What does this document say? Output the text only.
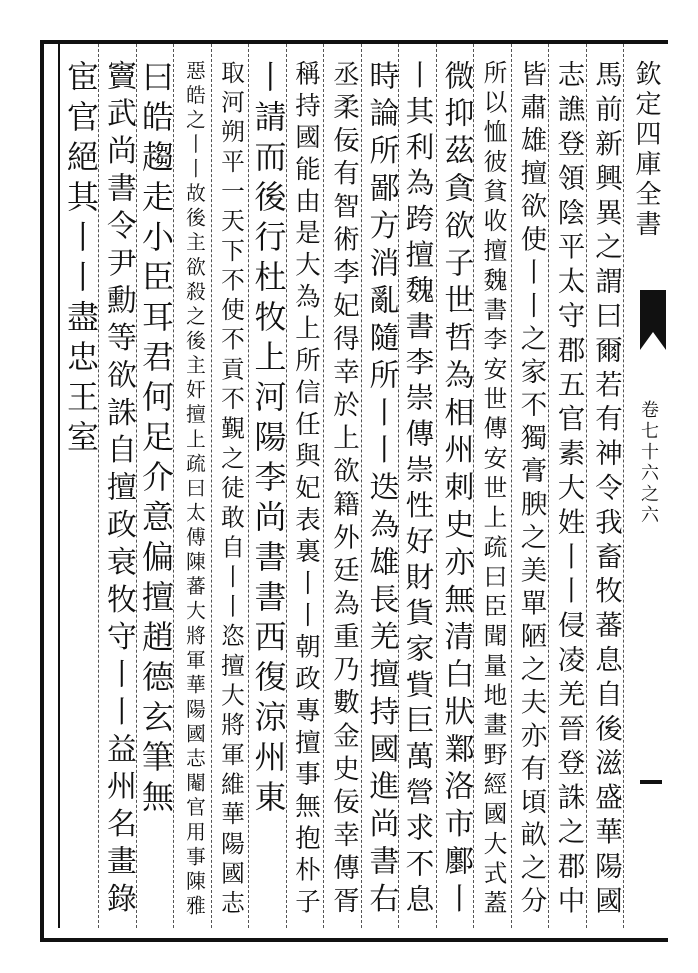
欽定四庫全書
卷七十六之六
馬前新興異之謂曰爾若有神令我畜牧蕃息自後滋盛華陽國
志譙登領陰平太守郡五官素大姓丨丨侵凌羌晉登誅之郡中
皆肅雄擅欲使丨丨之家不獨膏腴之美單陋之夫亦有頃畝之分
所以恤彼貧收擅魏書李安世傳安世上疏曰臣聞量地畫野經國大式蓋
微抑茲貪欲子世哲為相州刺史亦無清白狀鄴洛市鄽丨
丨其利為跨擅魏書李崇傳崇性好財貨家貲巨萬營求不息
時論所鄙方消亂隨所丨丨迭為雄長羌擅持國進尚書右
丞柔佞有智術李妃得幸於上欲籍外廷為重乃數金史佞幸傳胥
稱持國能由是大為上所信任與妃表裏丨丨朝政專擅事無抱朴子
丨請而後行杜牧上河陽李尚書書西復涼州東
取河朔平一天下不使不貢不覲之徒敢自丨丨恣擅大將軍維華陽國志
惡皓之丨丨故後主欲殺之後主奸擅上疏曰太傅陳蕃大將軍華陽國志閹官用事陳雅
曰皓趨走小臣耳君何足介意偏擅趙德玄筆無
竇武尚書令尹勳等欲誅自擅政衰牧守丨丨益州名畫錄
宦官絕其丨丨盡忠王室
